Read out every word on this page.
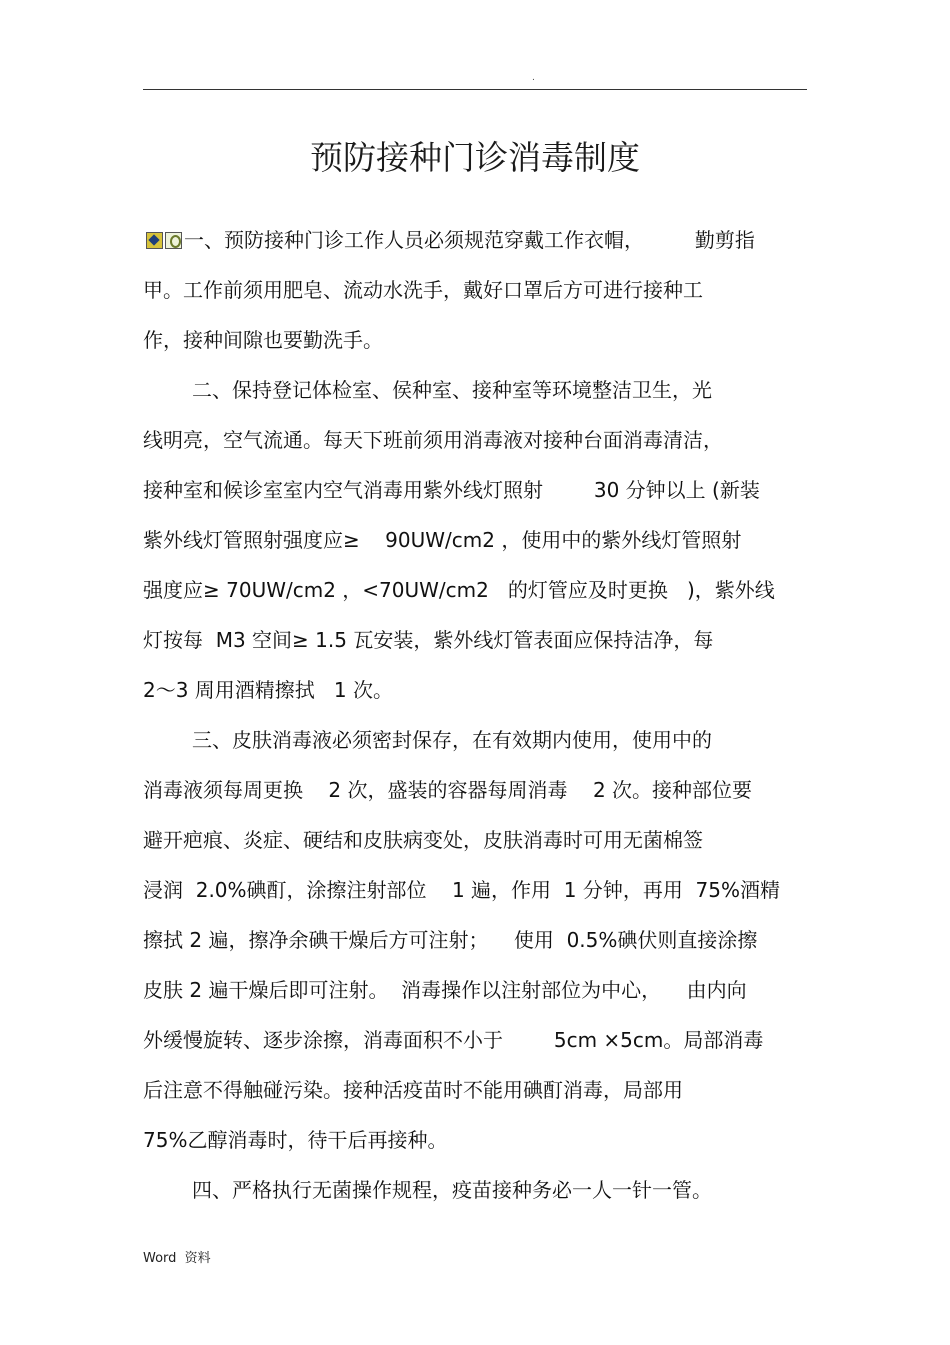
.
预防接种门诊消毒制度
一、预防接种门诊工作人员必须规范穿戴工作衣帽，        勤剪指
甲。工作前须用肥皂、流动水洗手，戴好口罩后方可进行接种工
作，接种间隙也要勤洗手。
二、保持登记体检室、侯种室、接种室等环境整洁卫生，光
线明亮，空气流通。每天下班前须用消毒液对接种台面消毒清洁，
接种室和候诊室室内空气消毒用紫外线灯照射        30 分钟以上 (新装
紫外线灯管照射强度应≥    90UW/cm2 ，使用中的紫外线灯管照射
强度应≥ 70UW/cm2 ，<70UW/cm2   的灯管应及时更换   )，紫外线
灯按每  M3 空间≥ 1.5 瓦安装，紫外线灯管表面应保持洁净，每
2～3 周用酒精擦拭   1 次。
三、皮肤消毒液必须密封保存，在有效期内使用，使用中的
消毒液须每周更换    2 次，盛装的容器每周消毒    2 次。接种部位要
避开疤痕、炎症、硬结和皮肤病变处，皮肤消毒时可用无菌棉签
浸润  2.0%碘酊，涂擦注射部位    1 遍，作用  1 分钟，再用  75%酒精
擦拭 2 遍，擦净余碘干燥后方可注射；    使用  0.5%碘伏则直接涂擦
皮肤 2 遍干燥后即可注射。  消毒操作以注射部位为中心，    由内向
外缓慢旋转、逐步涂擦，消毒面积不小于        5cm ×5cm。局部消毒
后注意不得触碰污染。接种活疫苗时不能用碘酊消毒，局部用
75%乙醇消毒时，待干后再接种。
四、严格执行无菌操作规程，疫苗接种务必一人一针一管。
Word  资料
